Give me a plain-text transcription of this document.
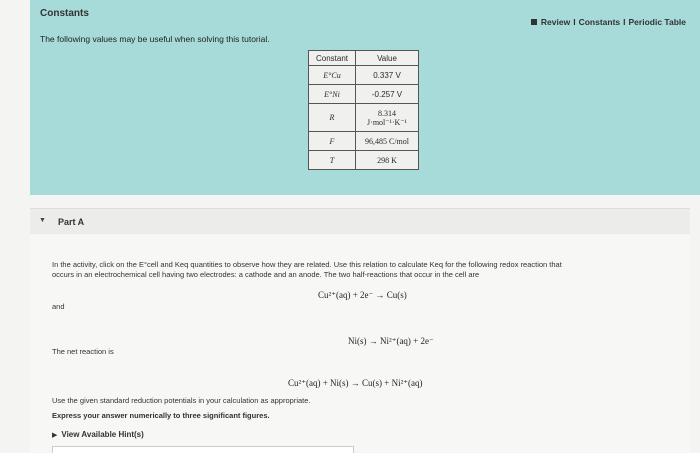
Constants
Review I Constants I Periodic Table
The following values may be useful when solving this tutorial.
Constant	Value
E°Cu	0.337 V
E°Ni	-0.257 V
R	8.314 J·mol⁻¹·K⁻¹
F	96,485 C/mol
T	298 K
▼ Part A
In the activity, click on the E°cell and Keq quantities to observe how they are related. Use this relation to calculate Keq for the following redox reaction that
occurs in an electrochemical cell having two electrodes: a cathode and an anode. The two half-reactions that occur in the cell are
Cu²⁺(aq) + 2e⁻ → Cu(s)
and
Ni(s) → Ni²⁺(aq) + 2e⁻
The net reaction is
Cu²⁺(aq) + Ni(s) → Cu(s) + Ni²⁺(aq)
Use the given standard reduction potentials in your calculation as appropriate.
Express your answer numerically to three significant figures.
▶ View Available Hint(s)
